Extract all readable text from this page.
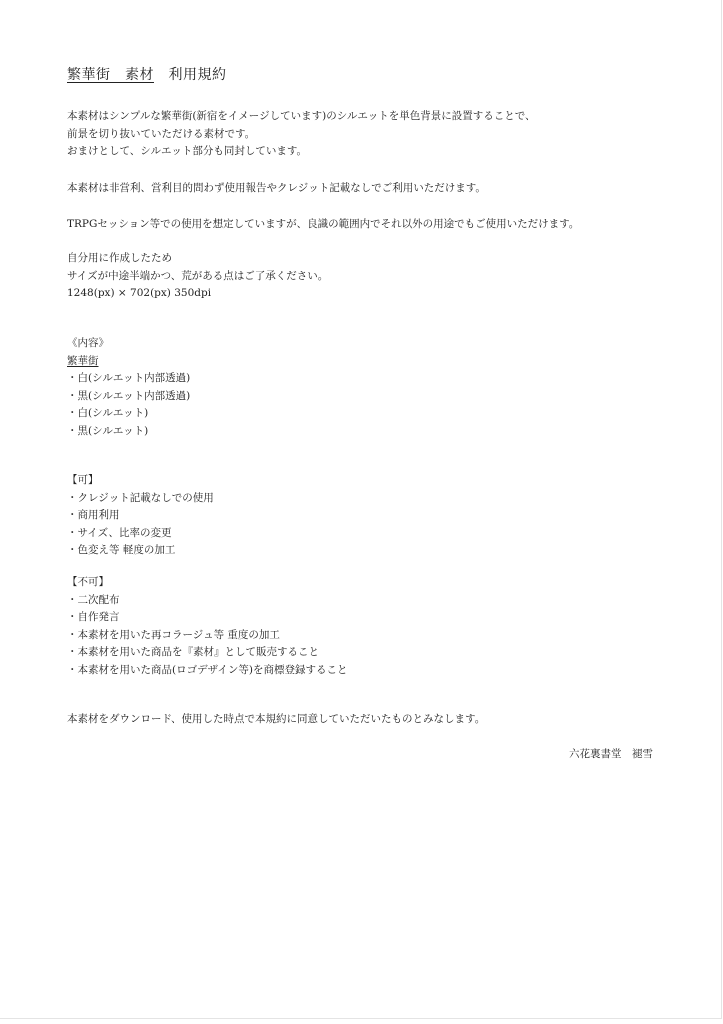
繁華街　素材  利用規約
本素材はシンプルな繁華街(新宿をイメージしています)のシルエットを単色背景に設置することで、
前景を切り抜いていただける素材です。
おまけとして、シルエット部分も同封しています。
本素材は非営利、営利目的問わず使用報告やクレジット記載なしでご利用いただけます。
TRPGセッション等での使用を想定していますが、良識の範囲内でそれ以外の用途でもご使用いただけます。
自分用に作成したため
サイズが中途半端かつ、荒がある点はご了承ください。
1248(px) × 702(px) 350dpi
《内容》
繁華街
・白(シルエット内部透過)
・黒(シルエット内部透過)
・白(シルエット)
・黒(シルエット)
【可】
・クレジット記載なしでの使用
・商用利用
・サイズ、比率の変更
・色変え等 軽度の加工
【不可】
・二次配布
・自作発言
・本素材を用いた再コラージュ等 重度の加工
・本素材を用いた商品を『素材』として販売すること
・本素材を用いた商品(ロゴデザイン等)を商標登録すること
本素材をダウンロード、使用した時点で本規約に同意していただいたものとみなします。
六花裏書堂　褪雪
